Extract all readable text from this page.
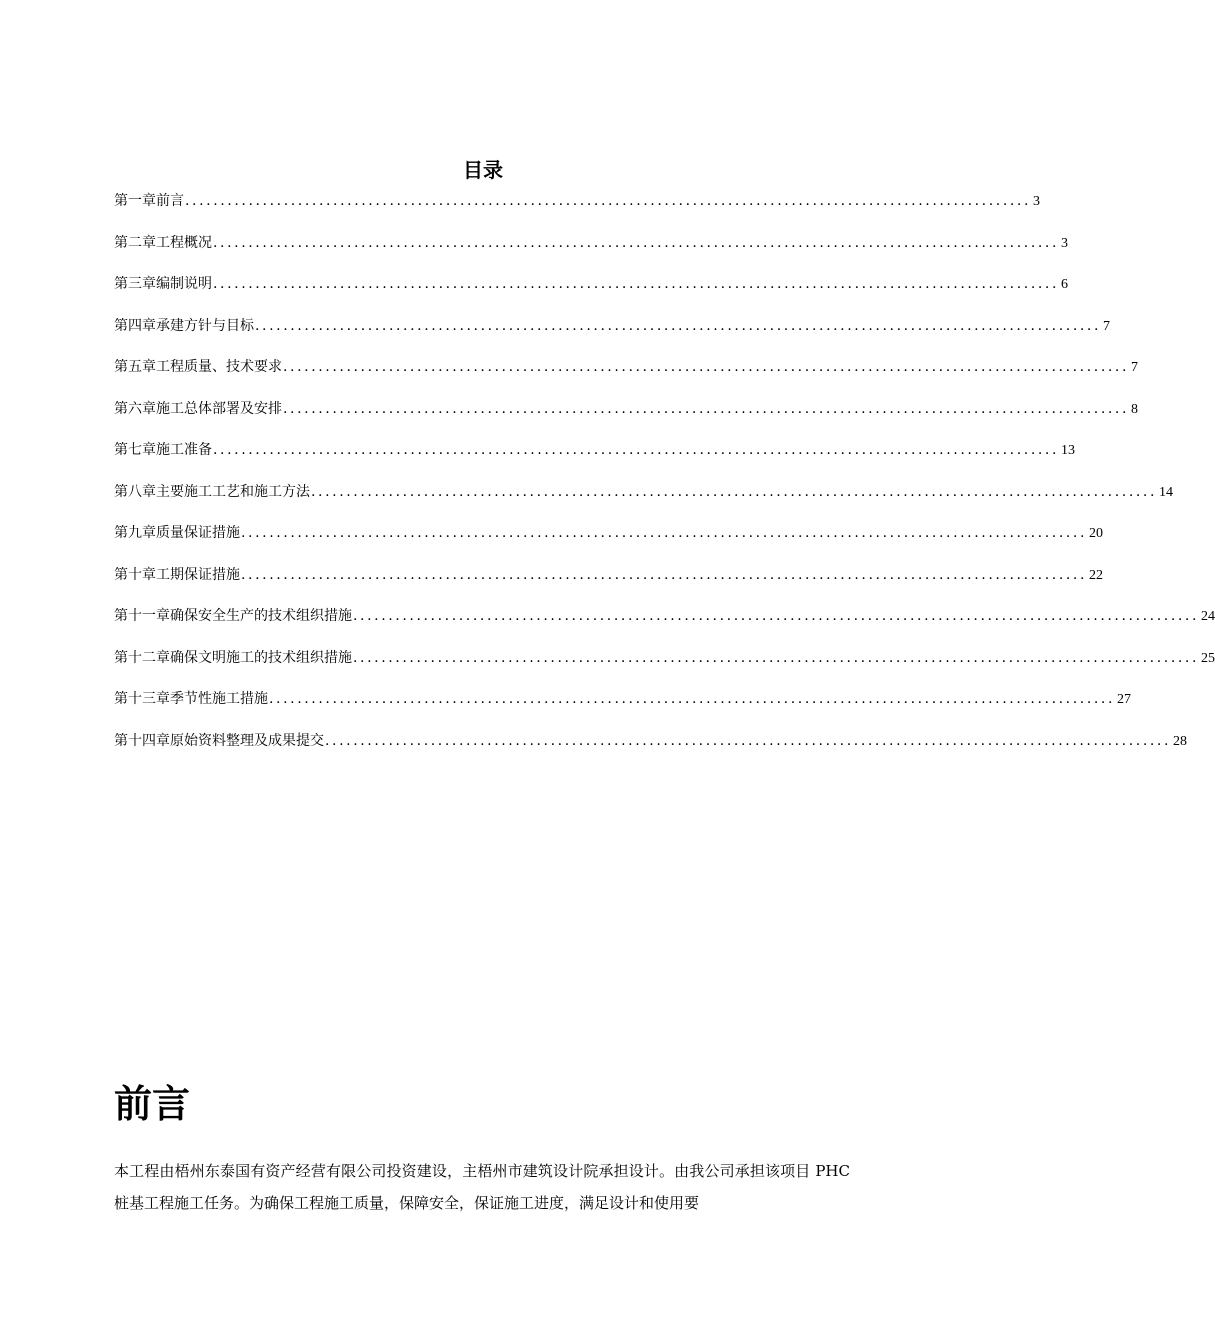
目录
第一章 前言 ........................................................................................................................ 3
第二章 工程概况 ........................................................................................................................ 3
第三章 编制说明 ........................................................................................................................ 6
第四章 承建方针与目标 ........................................................................................................................ 7
第五章 工程质量、技术要求 ........................................................................................................................ 7
第六章 施工总体部署及安排 ........................................................................................................................ 8
第七章 施工准备 ........................................................................................................................ 13
第八章 主要施工工艺和施工方法 ........................................................................................................................ 14
第九章 质量保证措施 ........................................................................................................................ 20
第十章 工期保证措施 ........................................................................................................................ 22
第十一章 确保安全生产的技术组织措施 ........................................................................................................................ 24
第十二章 确保文明施工的技术组织措施 ........................................................................................................................ 25
第十三章 季节性施工措施 ........................................................................................................................ 27
第十四章 原始资料整理及成果提交 ........................................................................................................................ 28
前言

本工程由梧州东泰国有资产经营有限公司投资建设，主梧州市建筑设计院承担设计。由我公司承担该项目 PHC 桩基工程施工任务。为确保工程施工质量，保障安全，保证施工进度，满足设计和使用要
